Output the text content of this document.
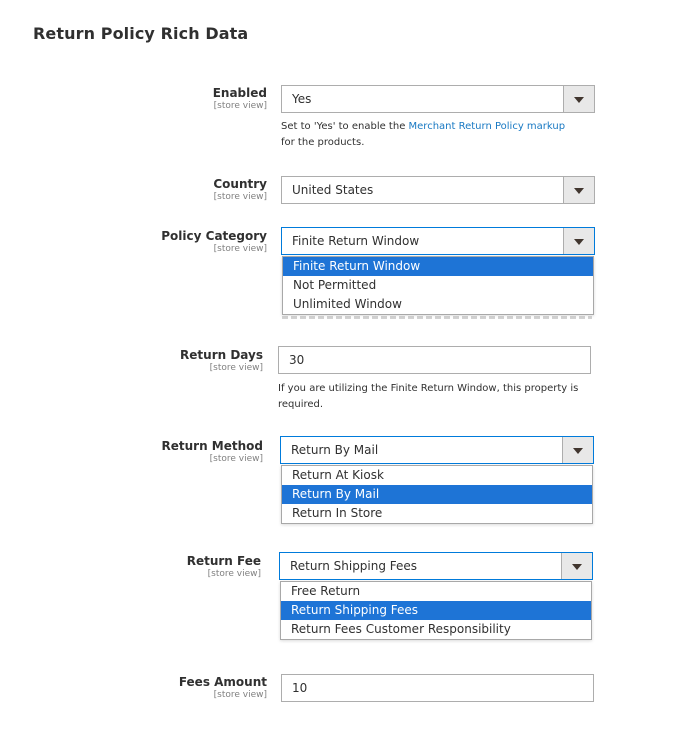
Return Policy Rich Data
Enabled
[store view] Yes
Set to 'Yes' to enable the Merchant Return Policy markup
for the products.
Country
[store view] United States
Policy Category
[store view]
Finite Return Window
Finite Return Window
Not Permitted
Unlimited Window
Return Days
[store view]
30
If you are utilizing the Finite Return Window, this property is
required.
Return Method
[store view]
Return By Mail
Return At Kiosk
Return By Mail
Return In Store
Return Fee
[store view]
Return Shipping Fees
Free Return
Return Shipping Fees
Return Fees Customer Responsibility
Fees Amount
[store view] 10
